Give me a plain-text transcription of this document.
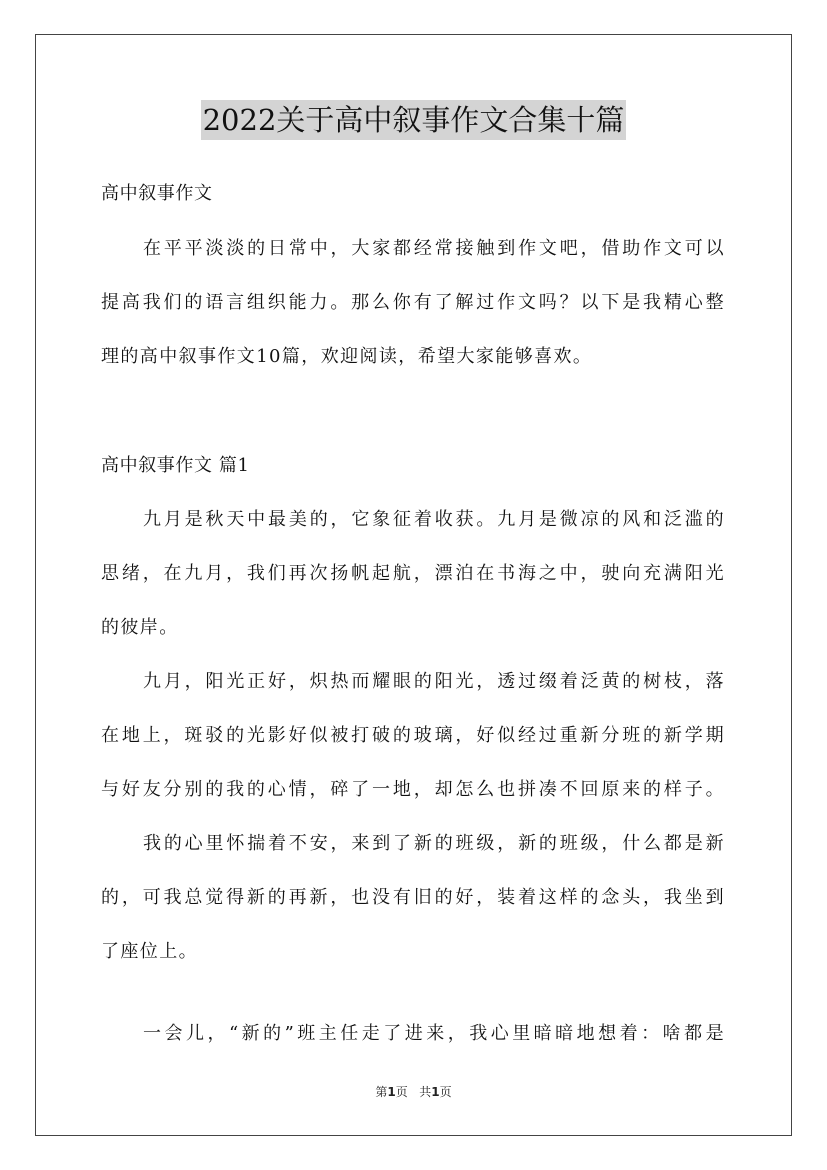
2022关于高中叙事作文合集十篇
高中叙事作文
在平平淡淡的日常中，大家都经常接触到作文吧，借助作文可以
提高我们的语言组织能力。那么你有了解过作文吗？以下是我精心整
理的高中叙事作文10篇，欢迎阅读，希望大家能够喜欢。
高中叙事作文 篇1
九月是秋天中最美的，它象征着收获。九月是微凉的风和泛滥的
思绪，在九月，我们再次扬帆起航，漂泊在书海之中，驶向充满阳光
的彼岸。
九月，阳光正好，炽热而耀眼的阳光，透过缀着泛黄的树枝，落
在地上，斑驳的光影好似被打破的玻璃，好似经过重新分班的新学期
与好友分别的我的心情，碎了一地，却怎么也拼凑不回原来的样子。
我的心里怀揣着不安，来到了新的班级，新的班级，什么都是新
的，可我总觉得新的再新，也没有旧的好，装着这样的念头，我坐到
了座位上。
一会儿，“新的”班主任走了进来，我心里暗暗地想着：啥都是
第1页 共1页
